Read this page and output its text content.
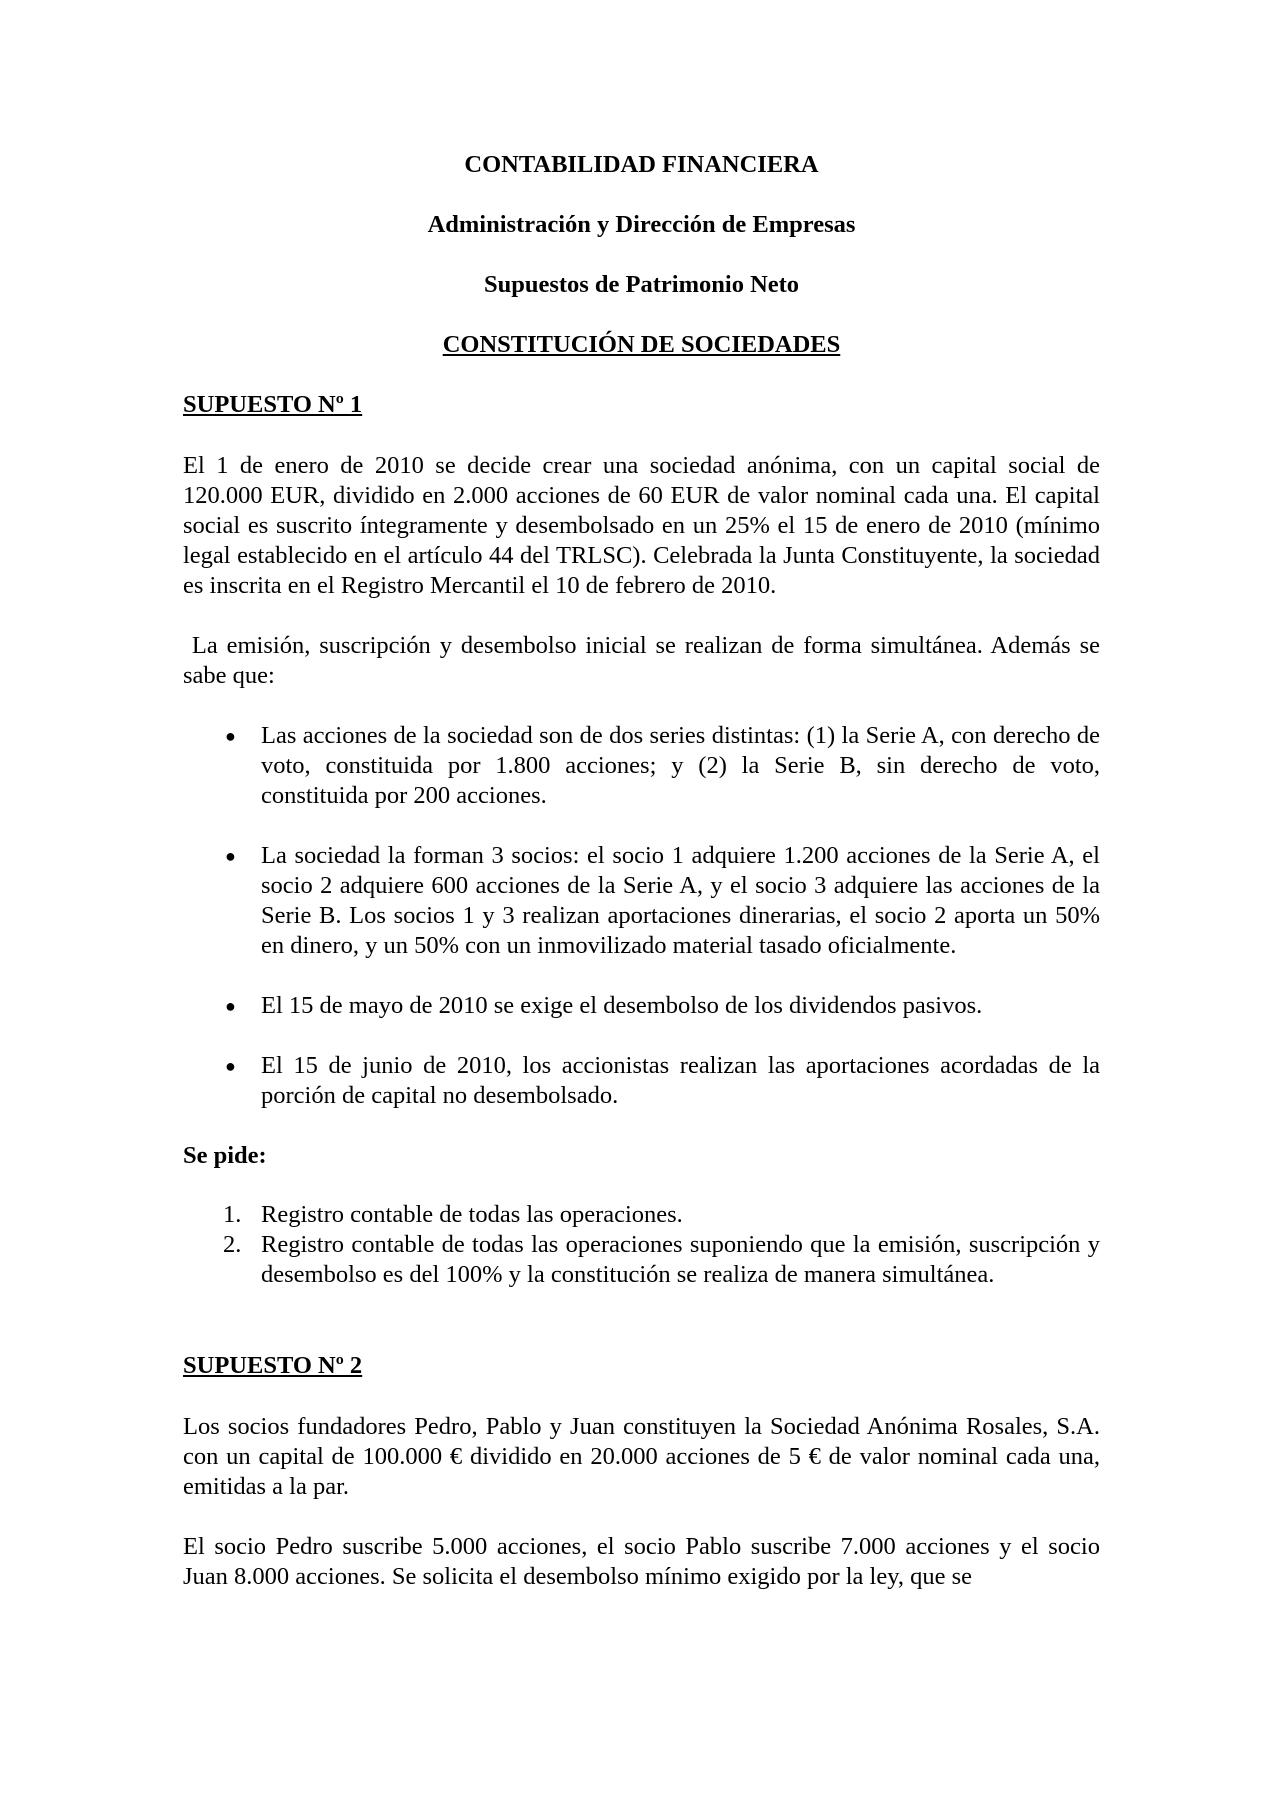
CONTABILIDAD FINANCIERA

Administración y Dirección de Empresas

Supuestos de Patrimonio Neto

CONSTITUCIÓN DE SOCIEDADES

SUPUESTO Nº 1

El 1 de enero de 2010 se decide crear una sociedad anónima, con un capital social de 120.000 EUR, dividido en 2.000 acciones de 60 EUR de valor nominal cada una. El capital social es suscrito íntegramente y desembolsado en un 25% el 15 de enero de 2010 (mínimo legal establecido en el artículo 44 del TRLSC). Celebrada la Junta Constituyente, la sociedad es inscrita en el Registro Mercantil el 10 de febrero de 2010.

La emisión, suscripción y desembolso inicial se realizan de forma simultánea. Además se sabe que:

● Las acciones de la sociedad son de dos series distintas: (1) la Serie A, con derecho de voto, constituida por 1.800 acciones; y (2) la Serie B, sin derecho de voto, constituida por 200 acciones.
● La sociedad la forman 3 socios: el socio 1 adquiere 1.200 acciones de la Serie A, el socio 2 adquiere 600 acciones de la Serie A, y el socio 3 adquiere las acciones de la Serie B. Los socios 1 y 3 realizan aportaciones dinerarias, el socio 2 aporta un 50% en dinero, y un 50% con un inmovilizado material tasado oficialmente.
● El 15 de mayo de 2010 se exige el desembolso de los dividendos pasivos.
● El 15 de junio de 2010, los accionistas realizan las aportaciones acordadas de la porción de capital no desembolsado.

Se pide:

1. Registro contable de todas las operaciones.
2. Registro contable de todas las operaciones suponiendo que la emisión, suscripción y desembolso es del 100% y la constitución se realiza de manera simultánea.

SUPUESTO Nº 2

Los socios fundadores Pedro, Pablo y Juan constituyen la Sociedad Anónima Rosales, S.A. con un capital de 100.000 € dividido en 20.000 acciones de 5 € de valor nominal cada una, emitidas a la par.

El socio Pedro suscribe 5.000 acciones, el socio Pablo suscribe 7.000 acciones y el socio Juan 8.000 acciones. Se solicita el desembolso mínimo exigido por la ley, que se
